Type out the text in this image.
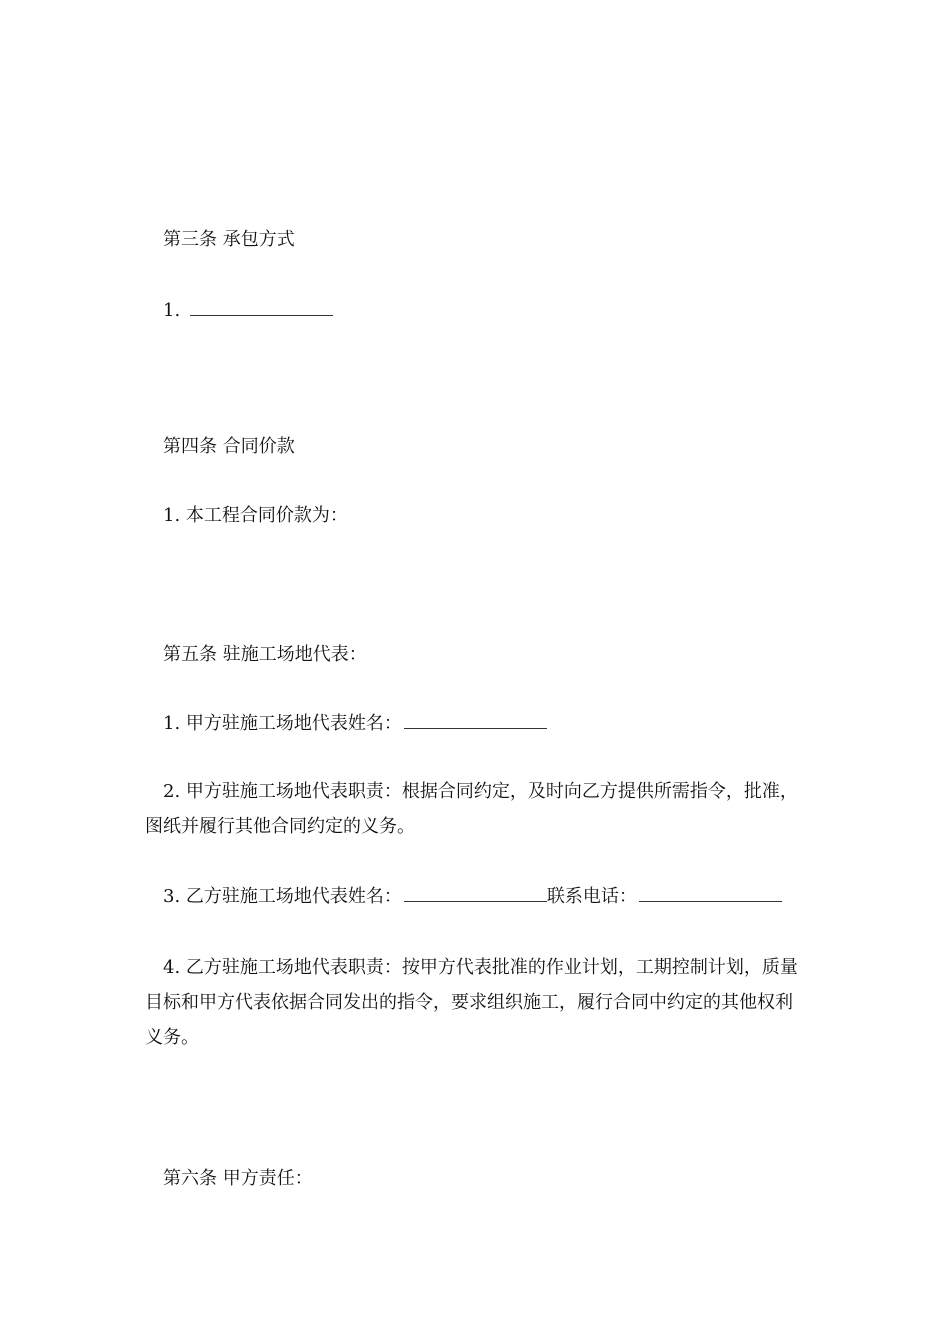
第三条 承包方式
1.
第四条 合同价款
1. 本工程合同价款为：
第五条 驻施工场地代表：
1. 甲方驻施工场地代表姓名：
2. 甲方驻施工场地代表职责：根据合同约定，及时向乙方提供所需指令，批准，图纸并履行其他合同约定的义务。
3. 乙方驻施工场地代表姓名：	联系电话：
4. 乙方驻施工场地代表职责：按甲方代表批准的作业计划，工期控制计划，质量目标和甲方代表依据合同发出的指令，要求组织施工，履行合同中约定的其他权利义务。
第六条 甲方责任：
